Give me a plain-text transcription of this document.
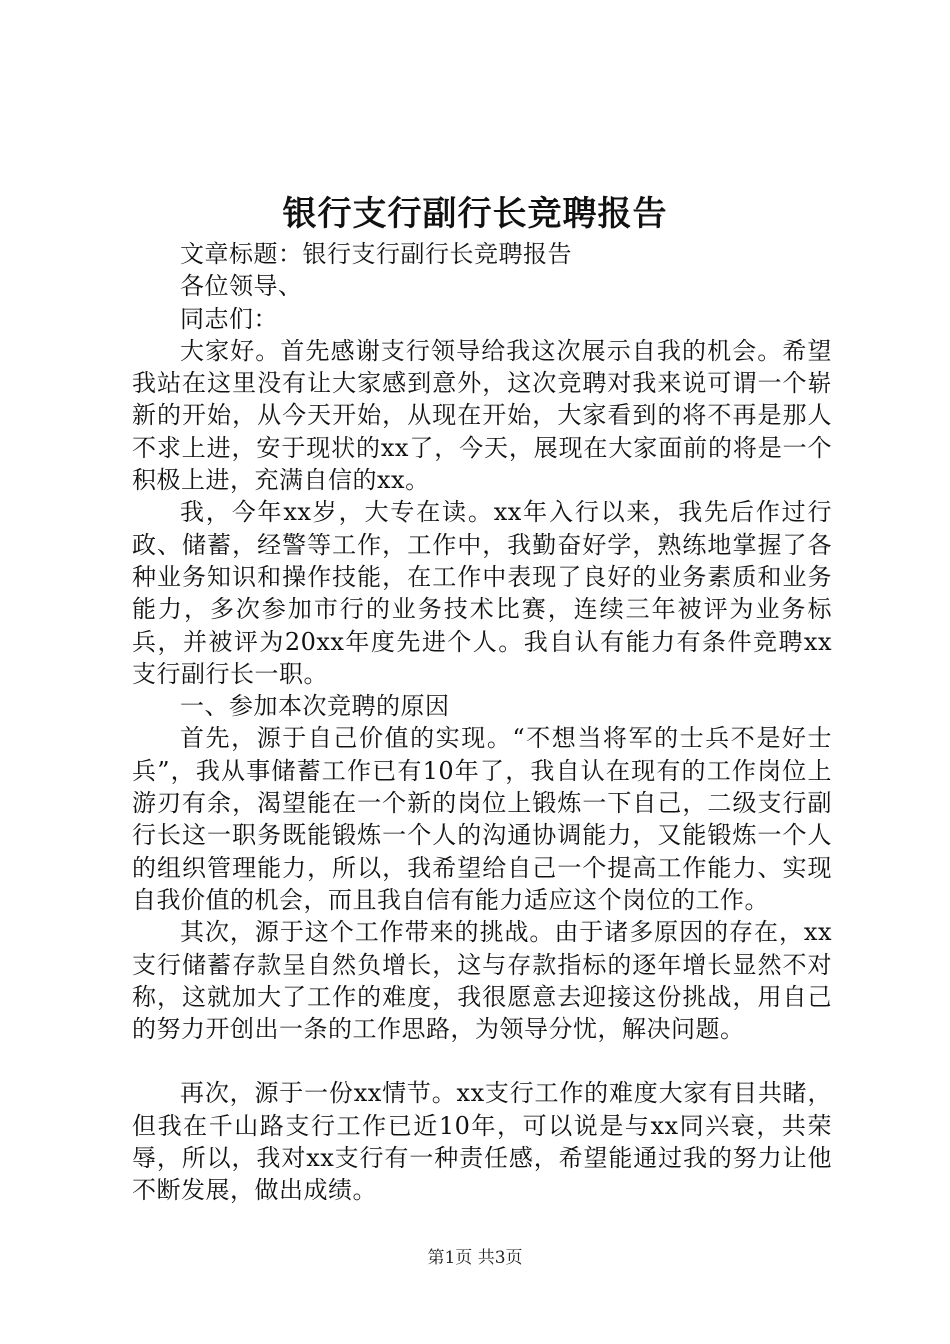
银行支行副行长竞聘报告

文章标题：银行支行副行长竞聘报告

各位领导、

同志们：

大家好。首先感谢支行领导给我这次展示自我的机会。希望我站在这里没有让大家感到意外，这次竞聘对我来说可谓一个崭新的开始，从今天开始，从现在开始，大家看到的将不再是那人不求上进，安于现状的xx了，今天，展现在大家面前的将是一个积极上进，充满自信的xx。

我，今年xx岁，大专在读。xx年入行以来，我先后作过行政、储蓄，经警等工作，工作中，我勤奋好学，熟练地掌握了各种业务知识和操作技能，在工作中表现了良好的业务素质和业务能力，多次参加市行的业务技术比赛，连续三年被评为业务标兵，并被评为20xx年度先进个人。我自认有能力有条件竞聘xx支行副行长一职。

一、参加本次竞聘的原因

首先，源于自己价值的实现。“不想当将军的士兵不是好士兵”，我从事储蓄工作已有10年了，我自认在现有的工作岗位上游刃有余，渴望能在一个新的岗位上锻炼一下自己，二级支行副行长这一职务既能锻炼一个人的沟通协调能力，又能锻炼一个人的组织管理能力，所以，我希望给自己一个提高工作能力、实现自我价值的机会，而且我自信有能力适应这个岗位的工作。

其次，源于这个工作带来的挑战。由于诸多原因的存在，xx支行储蓄存款呈自然负增长，这与存款指标的逐年增长显然不对称，这就加大了工作的难度，我很愿意去迎接这份挑战，用自己的努力开创出一条的工作思路，为领导分忧，解决问题。

再次，源于一份xx情节。xx支行工作的难度大家有目共睹，但我在千山路支行工作已近10年，可以说是与xx同兴衰，共荣辱，所以，我对xx支行有一种责任感，希望能通过我的努力让他不断发展，做出成绩。

第1页 共3页
